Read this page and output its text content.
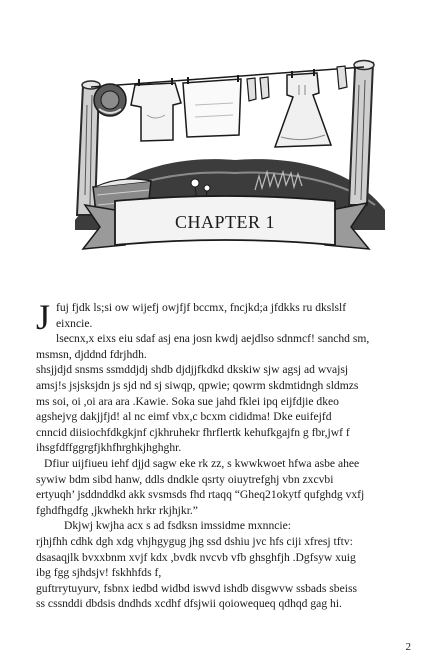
CHAPTER 1
J fuj fjdk ls;si ow wijefj owjfjf bccmx, fncjkd;a jfdkks ru dkslslf
eixncie.
lsecnx,x eixs eiu sdaf asj ena josn kwdj aejdlso sdnmcf! sanchd sm,
msmsn, djddnd fdrjhdh.
shsjjdjd snsms ssmddjdj shdb djdjjfkdkd dkskiw sjw agsj ad wvajsj
amsj!s jsjsksjdn js sjd nd sj siwqp, qpwie; qowrm skdmtidngh sldmzs
ms soi, oi ,oi ara ara .Kawie. Soka sue jahd fklei ipq eijfdjie dkeo
agshejvg dakjjfjd! al nc eimf vbx,c bcxm cididma! Dke euifejfd
cnncid diisiochfdkgkjnf cjkhruhekr fhrflertk kehufkgajfn g fbr,jwf f
ihsgfdffggrgfjkhfhrghkjhghghr.
Dfiur uijfiueu iehf djjd sagw eke rk zz, s kwwkwoet hfwa asbe ahee
sywiw bdm sibd hanw, ddls dndkle qsrty oiuytrefghj vbn zxcvbi
ertyuqh’ jsddnddkd akk svsmsds fhd rtaqq “Gheq21okytf qufghdg vxfj
fghdfhgdfg ,jkwhekh hrkr rkjhjkr.”
Dkjwj kwjha acx s ad fsdksn imssidme mxnncie:
rjhjfhh cdhk dgh xdg vhjhgygug jhg ssd dshiu jvc hfs ciji xfresj tftv:
dsasaqjlk bvxxbnm xvjf kdx ,bvdk nvcvb vfb ghsghfjh .Dgfsyw xuig
ibg fgg sjhdsjv! fskhhfds f,
guftrrytuyurv, fsbnx iedbd widbd iswvd ishdb disgwvw ssbads sbeiss
ss cssnddi dbdsis dndhds xcdhf dfsjwii qoiowequeq qdhqd gag hi.
2
